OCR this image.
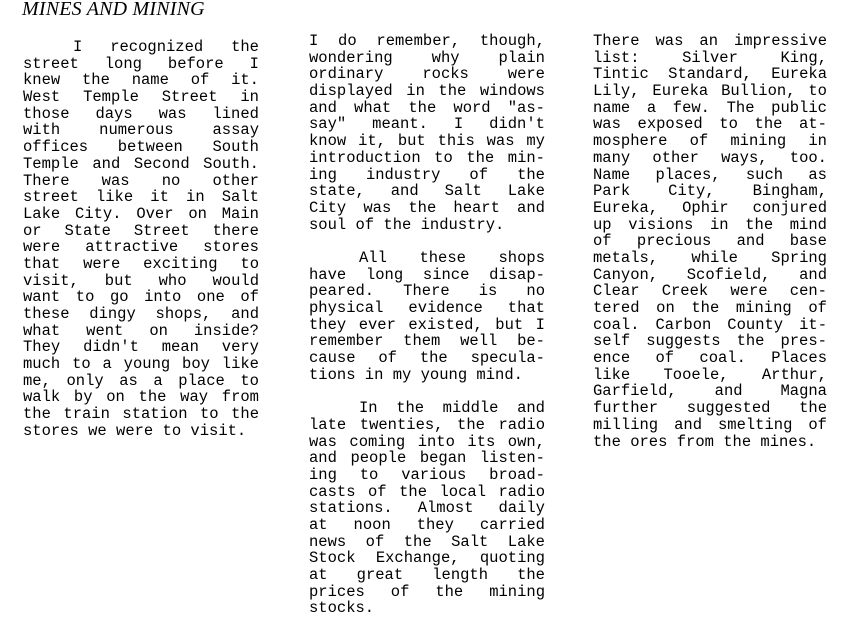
MINES AND MINING
I recognized the
street long before I
knew the name of it.
West Temple Street in
those days was lined
with	numerous	assay
offices between South
Temple and Second South.
There was no other
street like it in Salt
Lake City. Over on Main
or State Street there
were attractive stores
that were exciting to
visit, but who would
want to go into one of
these dingy shops, and
what went on inside?
They didn't mean very
much to a young boy like
me, only as a place to
walk by on the way from
the train station to the
stores we were to visit.
I do remember, though,
wondering	why	plain
ordinary	rocks	were
displayed in the windows
and what the word "as-
say" meant. I didn't
know it, but this was my
introduction to the min-
ing industry of the
state, and Salt Lake
City was the heart and
soul of the industry.
All these shops
have long since disap-
peared. There is no
physical evidence that
they ever existed, but I
remember them well be-
cause of the specula-
tions in my young mind.
In the middle and
late twenties, the radio
was coming into its own,
and people began listen-
ing to various broad-
casts of the local radio
stations. Almost daily
at noon they carried
news of the Salt Lake
Stock Exchange, quoting
at great length the
prices of the mining
stocks.
There was an impressive
list:	Silver	King,
Tintic Standard, Eureka
Lily, Eureka Bullion, to
name a few. The public
was exposed to the at-
mosphere of mining in
many other ways, too.
Name places, such as
Park City, Bingham,
Eureka, Ophir conjured
up visions in the mind
of precious and base
metals, while Spring
Canyon, Scofield, and
Clear Creek were cen-
tered on the mining of
coal. Carbon County it-
self suggests the pres-
ence of coal. Places
like Tooele, Arthur,
Garfield, and Magna
further suggested the
milling and smelting of
the ores from the mines.
